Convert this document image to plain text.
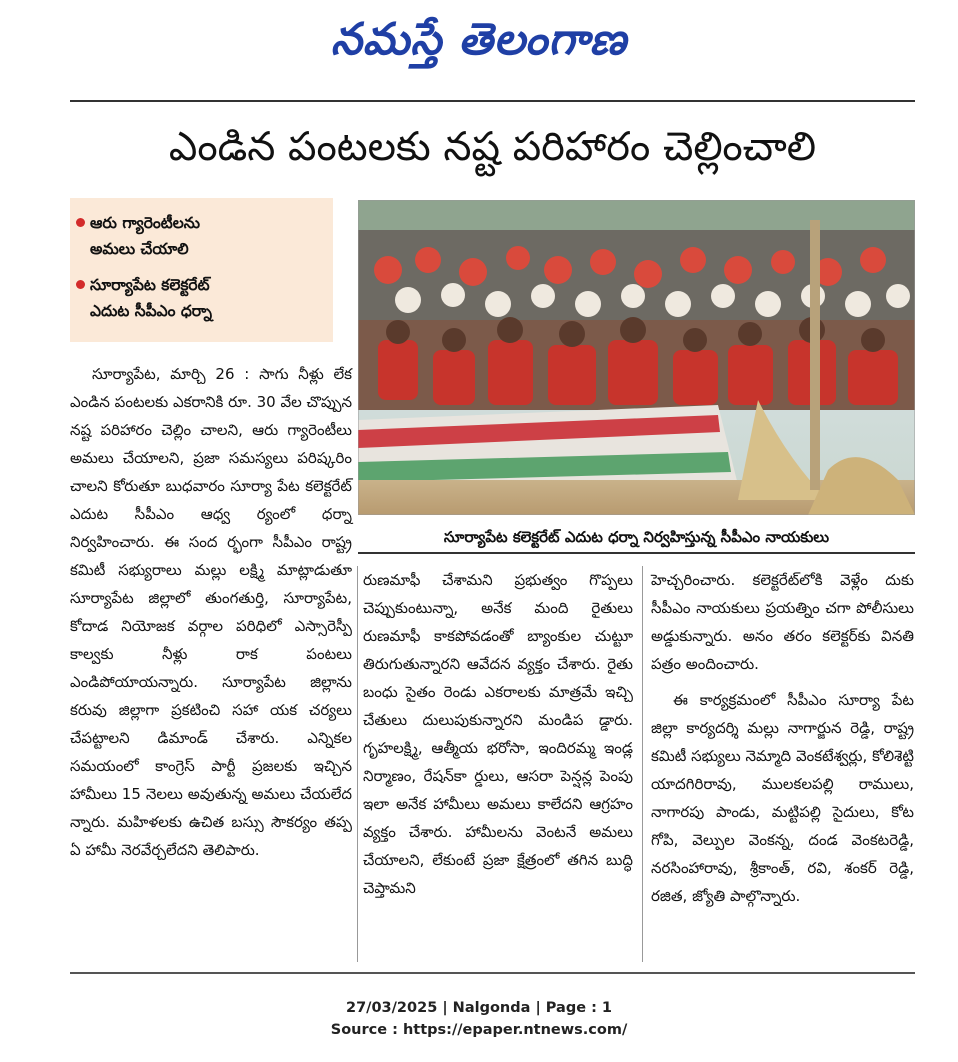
నమస్తే తెలంగాణ
ఎండిన పంటలకు నష్ట పరిహారం చెల్లించాలి
ఆరు గ్యారెంటీలను
అమలు చేయాలి
సూర్యాపేట కలెక్టరేట్
ఎదుట సీపీఎం ధర్నా
సూర్యాపేట కలెక్టరేట్ ఎదుట ధర్నా నిర్వహిస్తున్న సీపీఎం నాయకులు

సూర్యాపేట, మార్చి 26 : సాగు నీళ్లు లేక ఎండిన పంటలకు ఎకరానికి రూ. 30 వేల చొప్పున నష్ట పరిహారం చెల్లిం చాలని, ఆరు గ్యారెంటీలు అమలు చేయాలని, ప్రజా సమస్యలు పరిష్కరిం చాలని కోరుతూ బుధవారం సూర్యా పేట కలెక్టరేట్ ఎదుట సీపీఎం ఆధ్వ ర్యంలో ధర్నా నిర్వహించారు. ఈ సంద ర్భంగా సీపీఎం రాష్ట్ర కమిటీ సభ్యురాలు మల్లు లక్ష్మి మాట్లాడుతూ సూర్యాపేట జిల్లాలో తుంగతుర్తి, సూర్యాపేట, కోదాడ నియోజక వర్గాల పరిధిలో ఎస్సారెస్పీ కాల్వకు నీళ్లు రాక పంటలు ఎండిపోయాయన్నారు. సూర్యాపేట జిల్లాను కరువు జిల్లాగా ప్రకటించి సహా యక చర్యలు చేపట్టాలని డిమాండ్ చేశారు. ఎన్నికల సమయంలో కాంగ్రెస్ పార్టీ ప్రజలకు ఇచ్చిన హామీలు 15 నెలలు అవుతున్న అమలు చేయలేద న్నారు. మహిళలకు ఉచిత బస్సు సౌకర్యం తప్ప ఏ హామీ నెరవేర్చలేదని తెలిపారు.

రుణమాఫీ చేశామని ప్రభుత్వం గొప్పలు చెప్పుకుంటున్నా, అనేక మంది రైతులు రుణమాఫీ కాకపోవడంతో బ్యాంకుల చుట్టూ తిరుగుతున్నారని ఆవేదన వ్యక్తం చేశారు. రైతు బంధు సైతం రెండు ఎకరాలకు మాత్రమే ఇచ్చి చేతులు దులుపుకున్నారని మండిప డ్డారు. గృహలక్ష్మి, ఆత్మీయ భరోసా, ఇందిరమ్మ ఇండ్ల నిర్మాణం, రేషన్‌కా ర్డులు, ఆసరా పెన్షన్ల పెంపు ఇలా అనేక హామీలు అమలు కాలేదని ఆగ్రహం వ్యక్తం చేశారు. హామీలను వెంటనే అమలు చేయాలని, లేకుంటే ప్రజా క్షేత్రంలో తగిన బుద్ధి చెప్తామని

హెచ్చరించారు. కలెక్టరేట్‌లోకి వెళ్లేం దుకు సీపీఎం నాయకులు ప్రయత్నిం చగా పోలీసులు అడ్డుకున్నారు. అనం తరం కలెక్టర్‌కు వినతి పత్రం అందించారు.

ఈ కార్యక్రమంలో సీపీఎం సూర్యా పేట జిల్లా కార్యదర్శి మల్లు నాగార్జున రెడ్డి, రాష్ట్ర కమిటీ సభ్యులు నెమ్మాది వెంకటేశ్వర్లు, కోలిశెట్టి యాదగిరిరావు, ములకలపల్లి రాములు, నాగారపు పాండు, మట్టిపల్లి సైదులు, కోట గోపి, వెల్పుల వెంకన్న, దండ వెంకటరెడ్డి, నరసింహారావు, శ్రీకాంత్, రవి, శంకర్ రెడ్డి, రజిత, జ్యోతి పాల్గొన్నారు.

27/03/2025 | Nalgonda | Page : 1
Source : https://epaper.ntnews.com/
